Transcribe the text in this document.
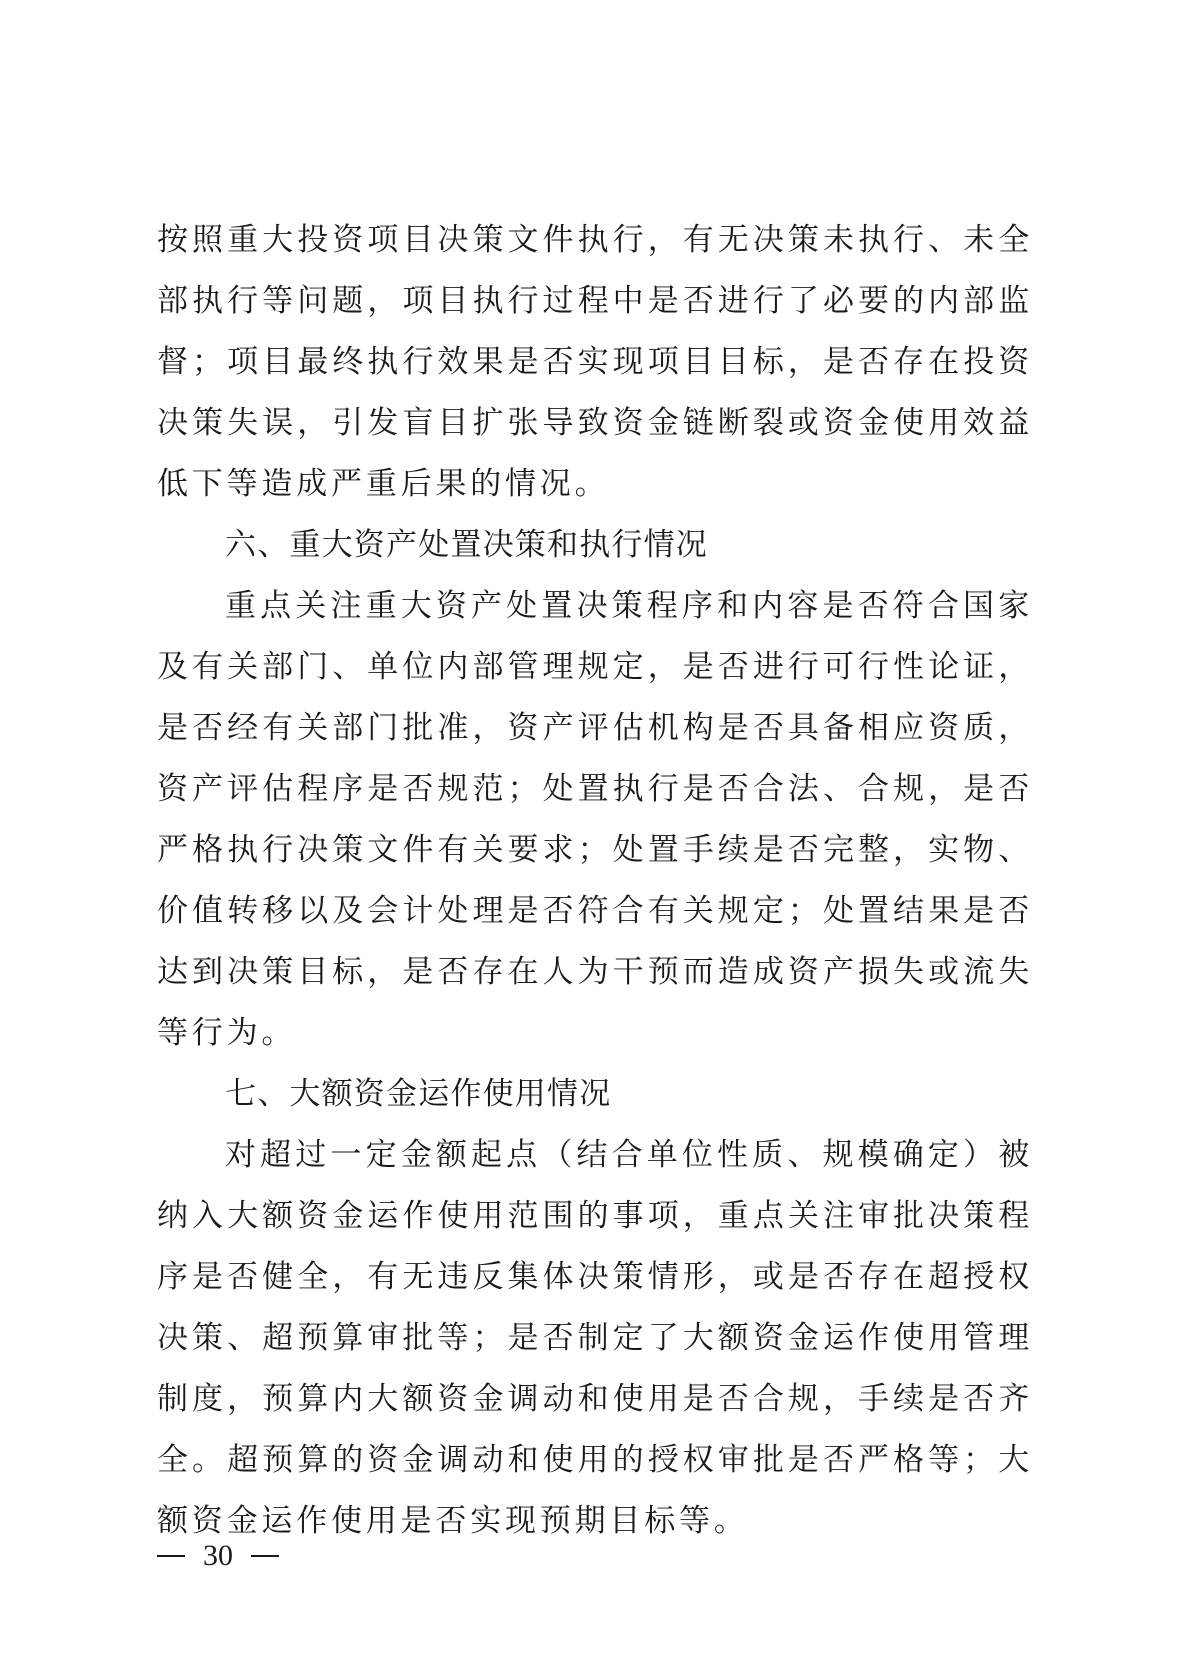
按照重大投资项目决策文件执行，有无决策未执行、未全部执行等问题，项目执行过程中是否进行了必要的内部监督；项目最终执行效果是否实现项目目标，是否存在投资决策失误，引发盲目扩张导致资金链断裂或资金使用效益低下等造成严重后果的情况。

六、重大资产处置决策和执行情况

重点关注重大资产处置决策程序和内容是否符合国家及有关部门、单位内部管理规定，是否进行可行性论证，是否经有关部门批准，资产评估机构是否具备相应资质，资产评估程序是否规范；处置执行是否合法、合规，是否严格执行决策文件有关要求；处置手续是否完整，实物、价值转移以及会计处理是否符合有关规定；处置结果是否达到决策目标，是否存在人为干预而造成资产损失或流失等行为。

七、大额资金运作使用情况

对超过一定金额起点（结合单位性质、规模确定）被纳入大额资金运作使用范围的事项，重点关注审批决策程序是否健全，有无违反集体决策情形，或是否存在超授权决策、超预算审批等；是否制定了大额资金运作使用管理制度，预算内大额资金调动和使用是否合规，手续是否齐全。超预算的资金调动和使用的授权审批是否严格等；大额资金运作使用是否实现预期目标等。

30
